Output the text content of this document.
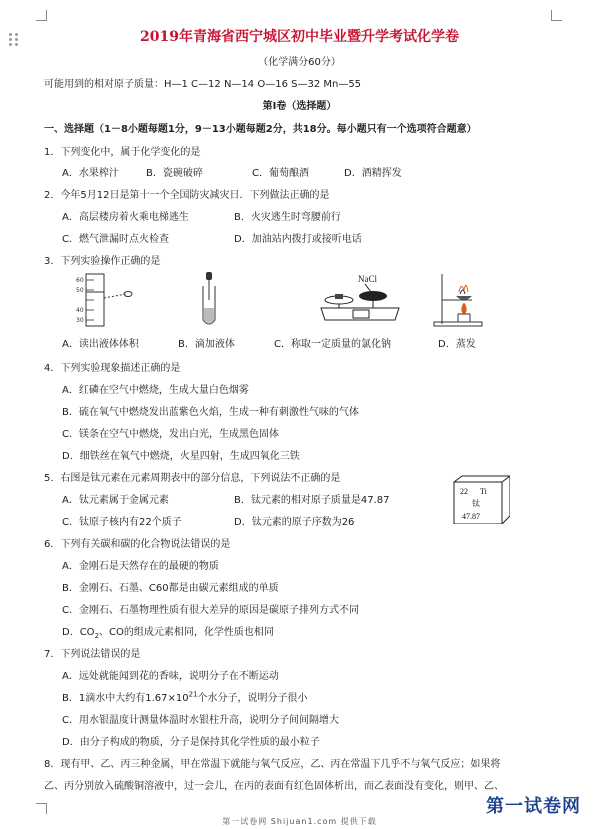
2019年青海省西宁城区初中毕业暨升学考试化学卷
（化学满分60分）
可能用到的相对原子质量：H—1 C—12 N—14 O—16 S—32 Mn—55
第Ⅰ卷（选择题）
一、选择题（1－8小题每题1分，9－13小题每题2分，共18分。每小题只有一个选项符合题意）
1．下列变化中，属于化学变化的是
A．水果榨汁	B．瓷碗破碎	C．葡萄酿酒	D．酒精挥发
2．今年5月12日是第十一个全国防灾减灾日．下列做法正确的是
A．高层楼房着火乘电梯逃生	B．火灾逃生时弯腰前行
C．燃气泄漏时点火检查	D．加油站内拨打或接听电话
3．下列实验操作正确的是
60
50
40
30
NaCl
A．读出液体体积	B．滴加液体	C．称取一定质量的氯化钠	D．蒸发
4．下列实验现象描述正确的是
A．红磷在空气中燃烧，生成大量白色烟雾
B．硫在氧气中燃烧发出蓝紫色火焰，生成一种有刺激性气味的气体
C．镁条在空气中燃烧，发出白光，生成黑色固体
D．细铁丝在氧气中燃烧，火星四射，生成四氧化三铁
5．右图是钛元素在元素周期表中的部分信息，下列说法不正确的是
A．钛元素属于金属元素	B．钛元素的相对原子质量是47.87
C．钛原子核内有22个质子	D．钛元素的原子序数为26
22 Ti
钛
47.87
6．下列有关碳和碳的化合物说法错误的是
A．金刚石是天然存在的最硬的物质
B．金刚石、石墨、C60都是由碳元素组成的单质
C．金刚石、石墨物理性质有很大差异的原因是碳原子排列方式不同
D．$CO_2$、CO的组成元素相同，化学性质也相同
7．下列说法错误的是
A．远处就能闻到花的香味，说明分子在不断运动
B．1滴水中大约有$1.67\times 10^{21}$个水分子，说明分子很小
C．用水银温度计测量体温时水银柱升高，说明分子间间隔增大
D．由分子构成的物质，分子是保持其化学性质的最小粒子
8．现有甲、乙、丙三种金属，甲在常温下就能与氧气反应，乙、丙在常温下几乎不与氧气反应；如果将
乙、丙分别放入硫酸铜溶液中，过一会儿，在丙的表面有红色固体析出，而乙表面没有变化，则甲、乙、
第一试卷网 Shijuan1.com 提供下载
第一试卷网
